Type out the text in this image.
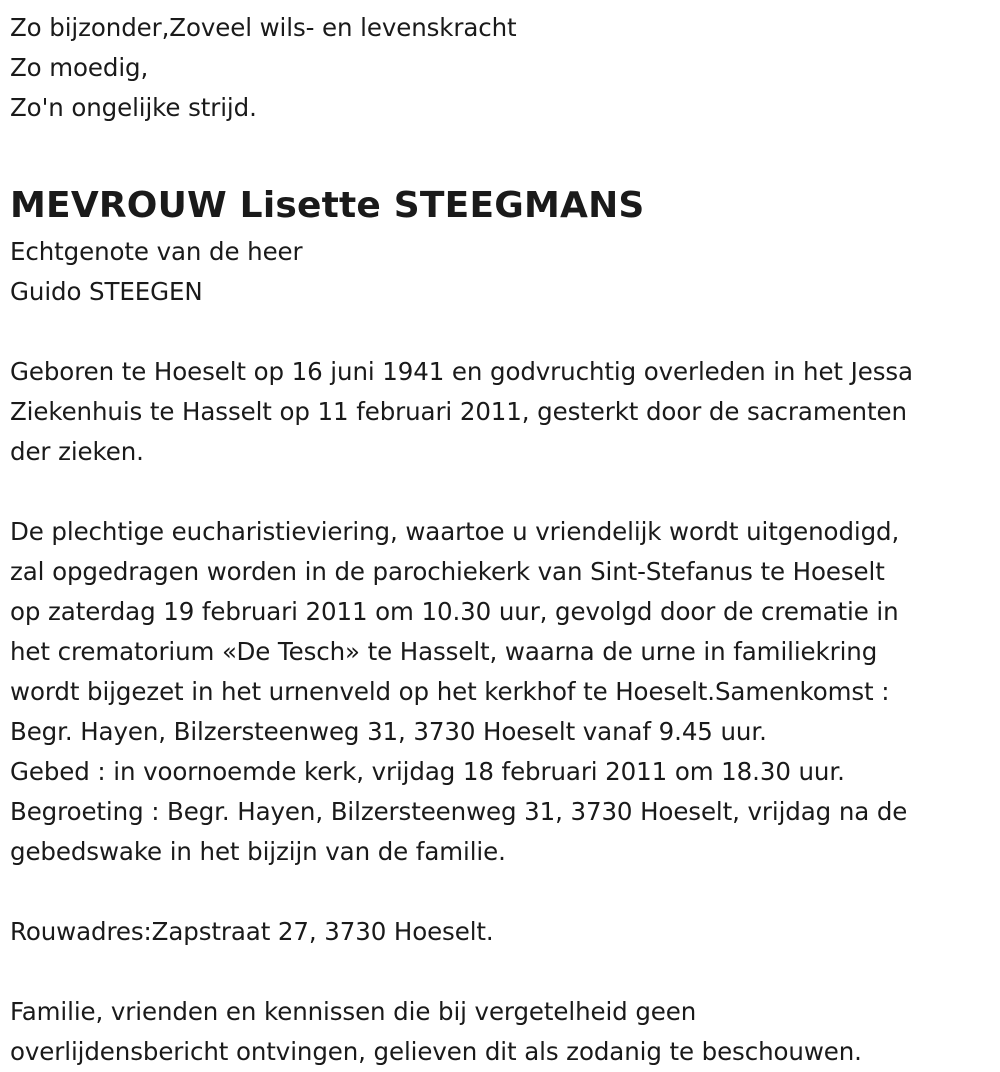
Zo bijzonder,Zoveel wils- en levenskracht
Zo moedig,
Zo'n ongelijke strijd.
MEVROUW Lisette STEEGMANS
Echtgenote van de heer
Guido STEEGEN
Geboren te Hoeselt op 16 juni 1941 en godvruchtig overleden in het Jessa
Ziekenhuis te Hasselt op 11 februari 2011, gesterkt door de sacramenten
der zieken.
De plechtige eucharistieviering, waartoe u vriendelijk wordt uitgenodigd,
zal opgedragen worden in de parochiekerk van Sint-Stefanus te Hoeselt
op zaterdag 19 februari 2011 om 10.30 uur, gevolgd door de crematie in
het crematorium «De Tesch» te Hasselt, waarna de urne in familiekring
wordt bijgezet in het urnenveld op het kerkhof te Hoeselt.Samenkomst :
Begr. Hayen, Bilzersteenweg 31, 3730 Hoeselt vanaf 9.45 uur.
Gebed : in voornoemde kerk, vrijdag 18 februari 2011 om 18.30 uur.
Begroeting : Begr. Hayen, Bilzersteenweg 31, 3730 Hoeselt, vrijdag na de
gebedswake in het bijzijn van de familie.
Rouwadres:Zapstraat 27, 3730 Hoeselt.
Familie, vrienden en kennissen die bij vergetelheid geen
overlijdensbericht ontvingen, gelieven dit als zodanig te beschouwen.
